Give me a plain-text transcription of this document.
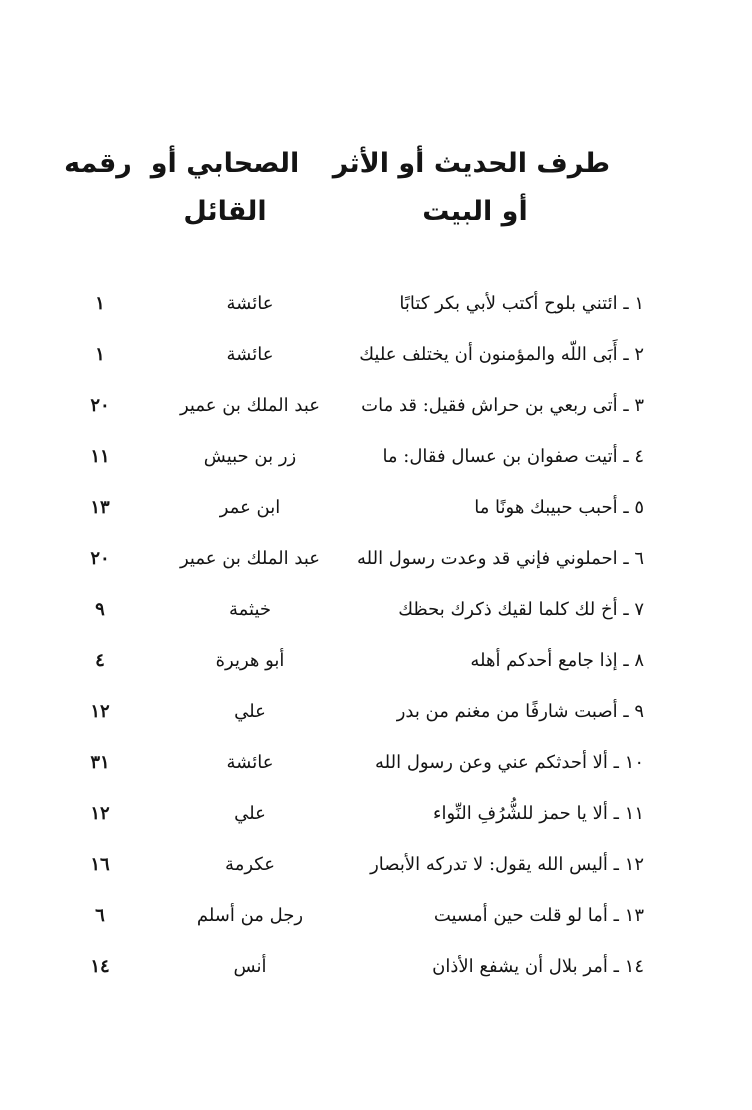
طرف الحديث أو الأثر
أو البيت
الصحابي أو
القائل
رقمه
١ ـ ائتني بلوح أكتب لأبي بكر كتابًا
عائشة
١
٢ ـ أَبَى اللّه والمؤمنون أن يختلف عليك
عائشة
١
٣ ـ أتى ربعي بن حراش فقيل: قد مات
عبد الملك بن عمير
٢٠
٤ ـ أتيت صفوان بن عسال فقال: ما
زر بن حبيش
١١
٥ ـ أحبب حبيبك هونًا ما
ابن عمر
١٣
٦ ـ احملوني فإني قد وعدت رسول الله
عبد الملك بن عمير
٢٠
٧ ـ أخ لك كلما لقيك ذكرك بحظك
خيثمة
٩
٨ ـ إذا جامع أحدكم أهله
أبو هريرة
٤
٩ ـ أصبت شارفًا من مغنم من بدر
علي
١٢
١٠ ـ ألا أحدثكم عني وعن رسول الله
عائشة
٣١
١١ ـ ألا يا حمز للشُّرُفِ النِّواء
علي
١٢
١٢ ـ أليس الله يقول: لا تدركه الأبصار
عكرمة
١٦
١٣ ـ أما لو قلت حين أمسيت
رجل من أسلم
٦
١٤ ـ أمر بلال أن يشفع الأذان
أنس
١٤
